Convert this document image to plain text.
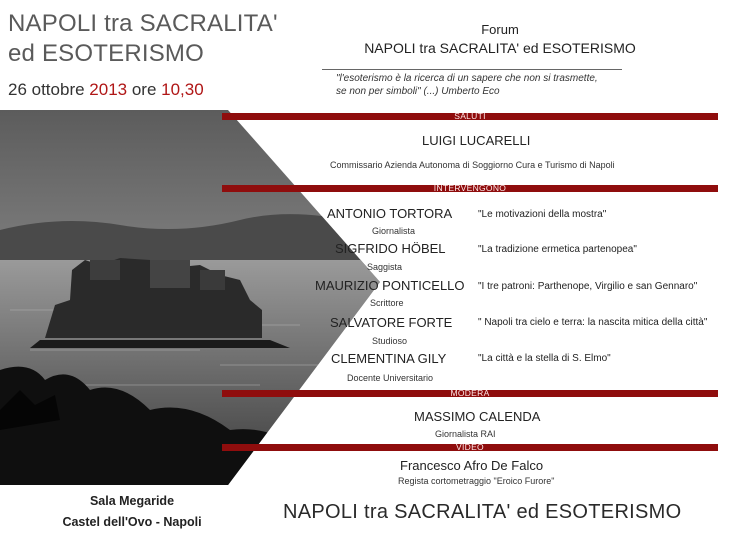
NAPOLI tra SACRALITA'
ed ESOTERISMO
26 ottobre 2013 ore 10,30
Forum
NAPOLI tra SACRALITA' ed ESOTERISMO
"l'esoterismo è la ricerca di un sapere che non si trasmette,
se non per simboli" (...) Umberto Eco
SALUTI
INTERVENGONO
MODERA
VIDEO
LUIGI LUCARELLI
Commissario Azienda Autonoma di Soggiorno Cura e Turismo di Napoli
ANTONIO TORTORA
Giornalista
"Le motivazioni della mostra"
SIGFRIDO HÖBEL
Saggista
"La tradizione ermetica partenopea"
MAURIZIO PONTICELLO
Scrittore
"I tre patroni: Parthenope, Virgilio e san Gennaro"
SALVATORE FORTE
Studioso
" Napoli tra cielo e terra: la nascita mitica della città"
CLEMENTINA GILY
Docente Universitario
"La città e la stella di S. Elmo"
MASSIMO CALENDA
Giornalista RAI
Francesco Afro De Falco
Regista cortometraggio "Eroico Furore"
Sala Megaride
Castel dell'Ovo - Napoli	NAPOLI tra SACRALITA' ed ESOTERISMO
